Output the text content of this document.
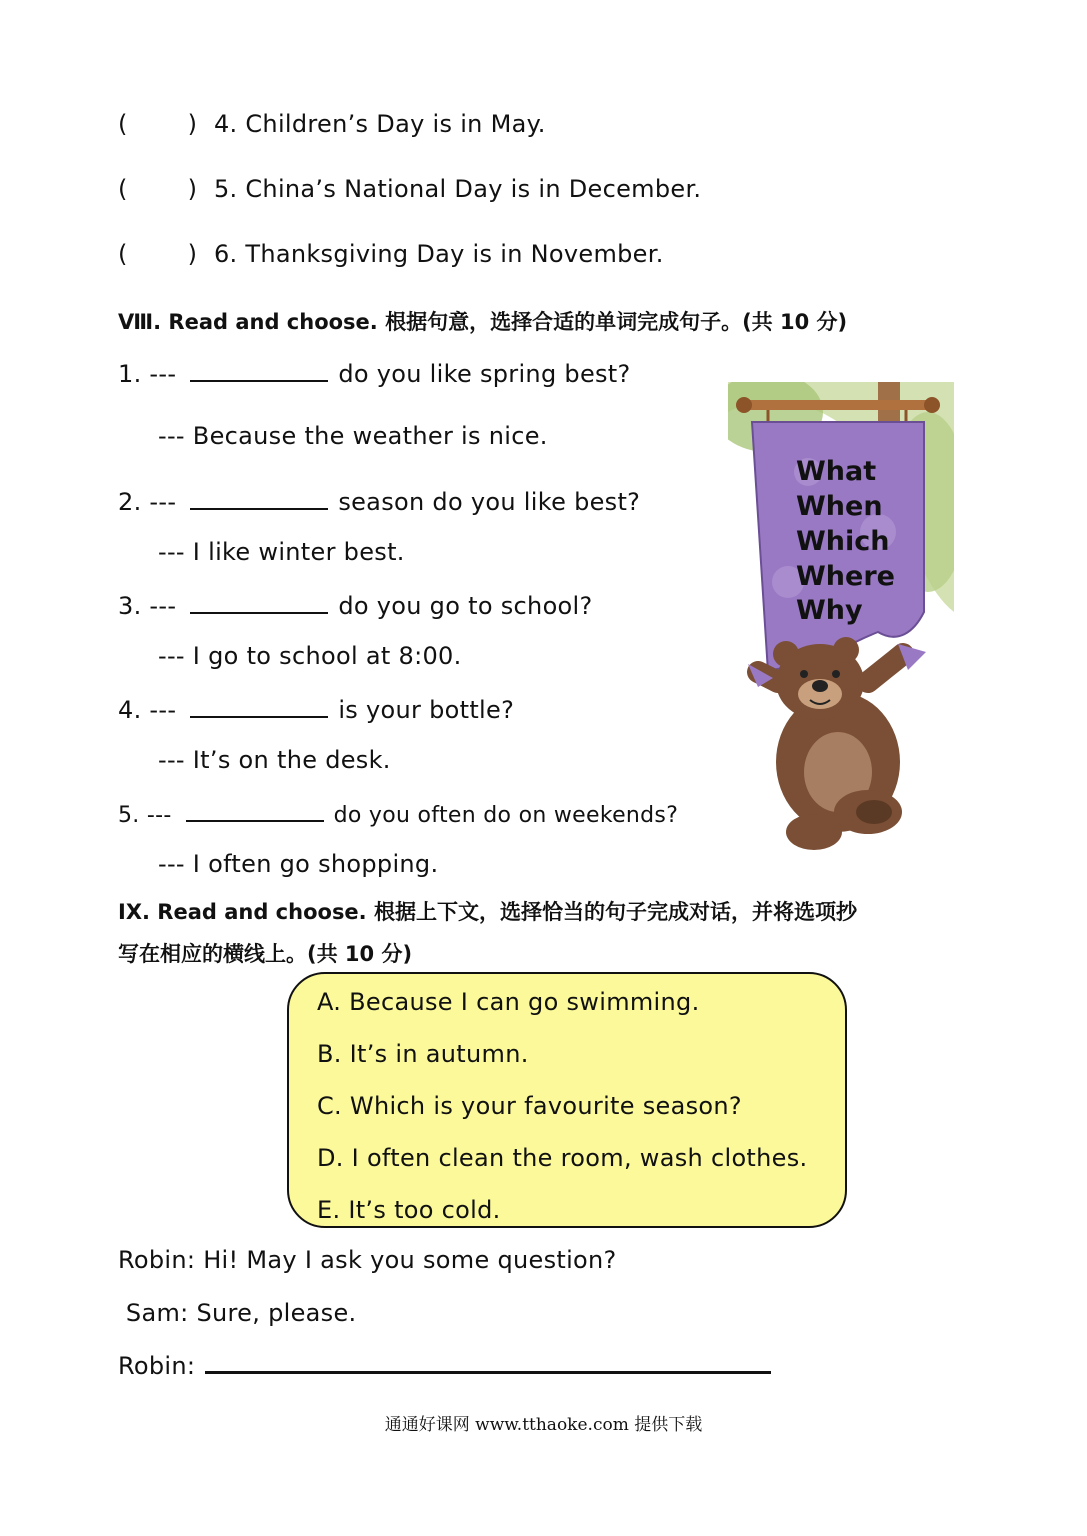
(	) 4. Children’s Day is in May.
(	) 5. China’s National Day is in December.
(	) 6. Thanksgiving Day is in November.
Ⅷ. Read and choose. 根据句意，选择合适的单词完成句子。(共 10 分)
1. ---	do you like spring best?
--- Because the weather is nice.
2. ---	season do you like best?
--- I like winter best.
3. ---	do you go to school?
--- I go to school at 8:00.
4. ---	is your bottle?
--- It’s on the desk.
5. ---	do you often do on weekends?
--- I often go shopping.
What
When
Which
Where
Why
IX. Read and choose. 根据上下文，选择恰当的句子完成对话，并将选项抄
写在相应的横线上。(共 10 分)
A. Because I can go swimming.
B. It’s in autumn.
C. Which is your favourite season?
D. I often clean the room, wash clothes.
E. It’s too cold.
Robin: Hi! May I ask you some question?
Sam: Sure, please.
Robin:
通通好课网 www.tthaoke.com 提供下载
